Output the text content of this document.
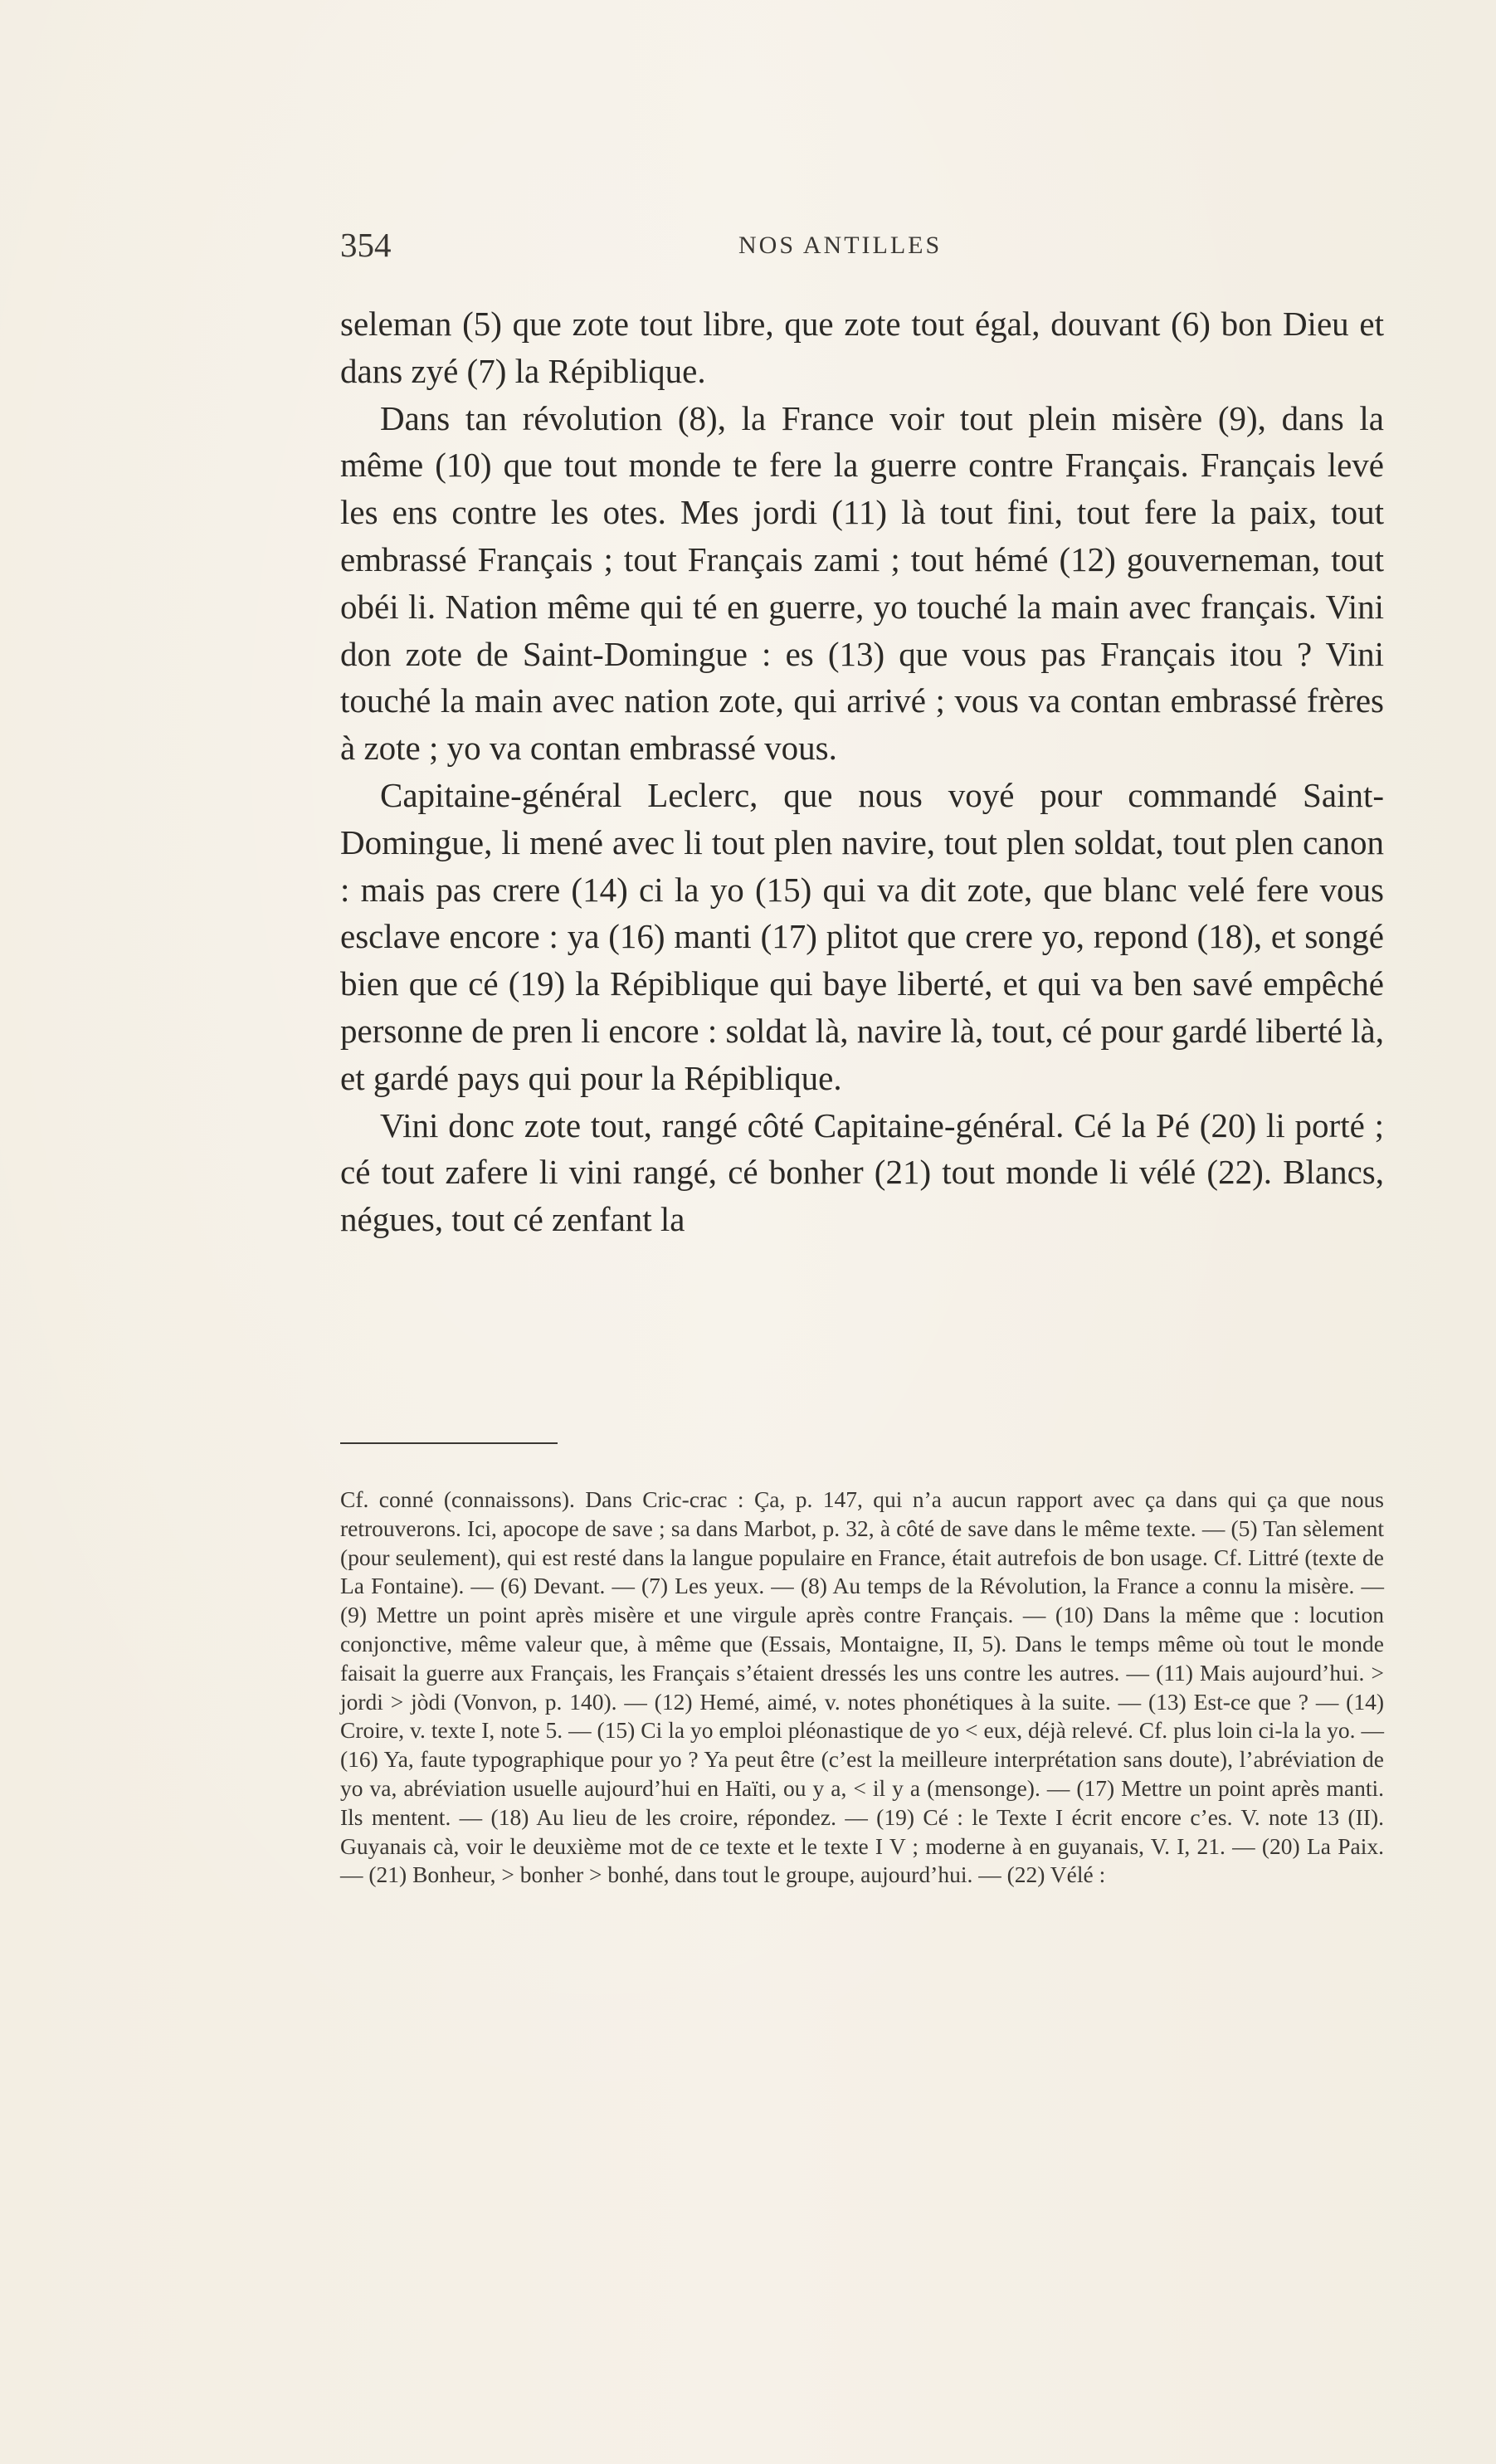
354	NOS ANTILLES

seleman (5) que zote tout libre, que zote tout égal, douvant (6) bon Dieu et dans zyé (7) la Répiblique.

Dans tan révolution (8), la France voir tout plein misère (9), dans la même (10) que tout monde te fere la guerre contre Français. Français levé les ens contre les otes. Mes jordi (11) là tout fini, tout fere la paix, tout embrassé Français ; tout Français zami ; tout hémé (12) gouverneman, tout obéi li. Nation même qui té en guerre, yo touché la main avec français. Vini don zote de Saint-Domingue : es (13) que vous pas Français itou ? Vini touché la main avec nation zote, qui arrivé ; vous va contan embrassé frères à zote ; yo va contan embrassé vous.

Capitaine-général Leclerc, que nous voyé pour commandé Saint-Domingue, li mené avec li tout plen navire, tout plen soldat, tout plen canon : mais pas crere (14) ci la yo (15) qui va dit zote, que blanc velé fere vous esclave encore : ya (16) manti (17) plitot que crere yo, repond (18), et songé bien que cé (19) la Répiblique qui baye liberté, et qui va ben savé empêché personne de pren li encore : soldat là, navire là, tout, cé pour gardé liberté là, et gardé pays qui pour la Répiblique.

Vini donc zote tout, rangé côté Capitaine-général. Cé la Pé (20) li porté ; cé tout zafere li vini rangé, cé bonher (21) tout monde li vélé (22). Blancs, négues, tout cé zenfant la

Cf. conné (connaissons). Dans Cric-crac : Ça, p. 147, qui n’a aucun rapport avec ça dans qui ça que nous retrouverons. Ici, apocope de save ; sa dans Marbot, p. 32, à côté de save dans le même texte. — (5) Tan sèlement (pour seulement), qui est resté dans la langue populaire en France, était autrefois de bon usage. Cf. Littré (texte de La Fontaine). — (6) Devant. — (7) Les yeux. — (8) Au temps de la Révolution, la France a connu la misère. — (9) Mettre un point après misère et une virgule après contre Français. — (10) Dans la même que : locution conjonctive, même valeur que, à même que (Essais, Montaigne, II, 5). Dans le temps même où tout le monde faisait la guerre aux Français, les Français s’étaient dressés les uns contre les autres. — (11) Mais aujourd’hui. > jordi > jòdi (Vonvon, p. 140). — (12) Hemé, aimé, v. notes phonétiques à la suite. — (13) Est-ce que ? — (14) Croire, v. texte I, note 5. — (15) Ci la yo emploi pléonastique de yo < eux, déjà relevé. Cf. plus loin ci-la la yo. — (16) Ya, faute typographique pour yo ? Ya peut être (c’est la meilleure interprétation sans doute), l’abréviation de yo va, abréviation usuelle aujourd’hui en Haïti, ou y a, < il y a (mensonge). — (17) Mettre un point après manti. Ils mentent. — (18) Au lieu de les croire, répondez. — (19) Cé : le Texte I écrit encore c’es. V. note 13 (II). Guyanais cà, voir le deuxième mot de ce texte et le texte I V ; moderne à en guyanais, V. I, 21. — (20) La Paix. — (21) Bonheur, > bonher > bonhé, dans tout le groupe, aujourd’hui. — (22) Vélé :
